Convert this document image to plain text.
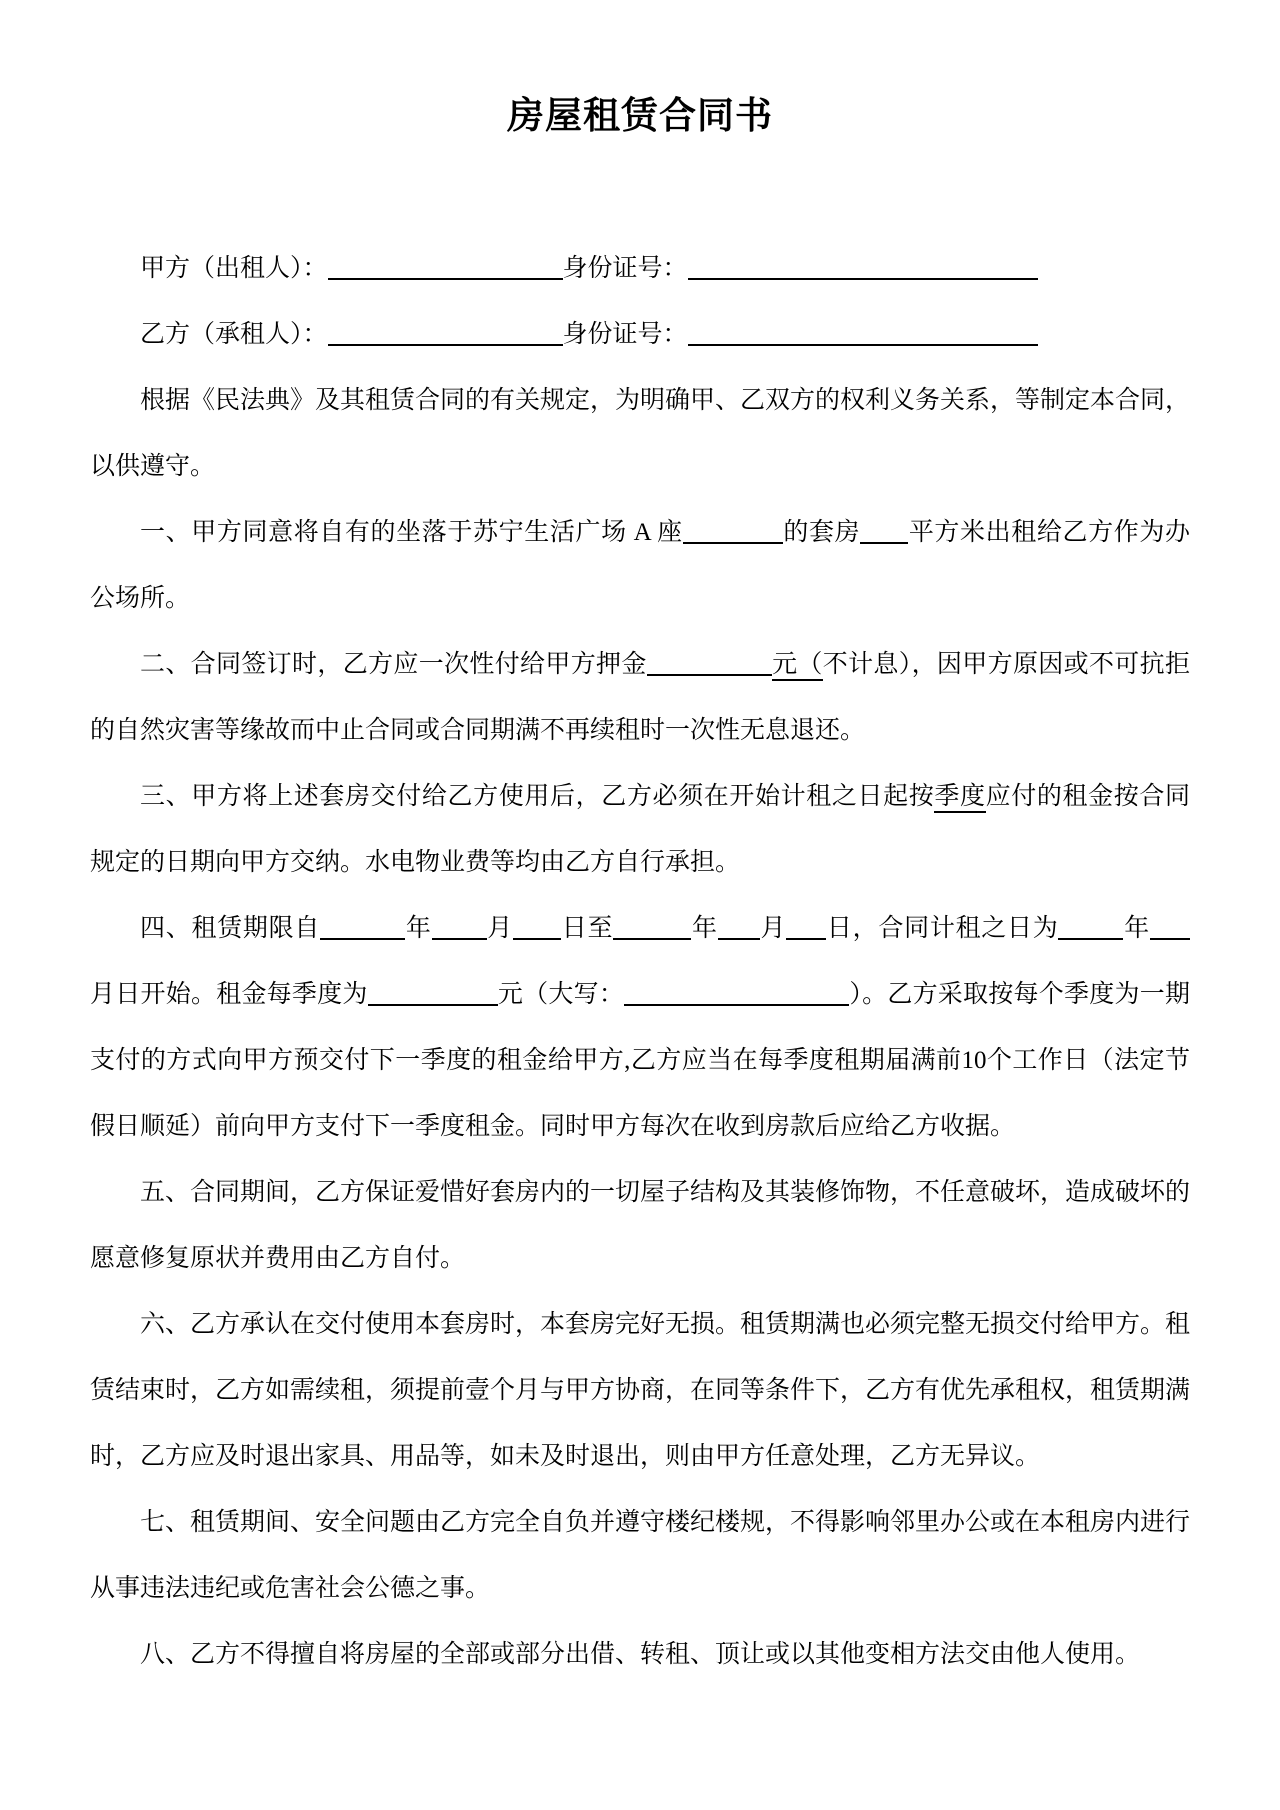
房屋租赁合同书

甲方（出租人）：	身份证号：

乙方（承租人）：	身份证号：

根据《民法典》及其租赁合同的有关规定，为明确甲、乙双方的权利义务关系，等制定本合同，以供遵守。

一、甲方同意将自有的坐落于苏宁生活广场 A 座	的套房 平方米出租给乙方作为办公场所。

二、合同签订时，乙方应一次性付给甲方押金	元（不计息），因甲方原因或不可抗拒的自然灾害等缘故而中止合同或合同期满不再续租时一次性无息退还。

三、甲方将上述套房交付给乙方使用后，乙方必须在开始计租之日起按季度应付的租金按合同规定的日期向甲方交纳。水电物业费等均由乙方自行承担。

四、租赁期限自	年 月 日至	年 月 日，合同计租之日为	年月日开始。租金每季度为	元（大写：	）。乙方采取按每个季度为一期支付的方式向甲方预交付下一季度的租金给甲方,乙方应当在每季度租期届满前10个工作日（法定节假日顺延）前向甲方支付下一季度租金。同时甲方每次在收到房款后应给乙方收据。

五、合同期间，乙方保证爱惜好套房内的一切屋子结构及其装修饰物，不任意破坏，造成破坏的愿意修复原状并费用由乙方自付。

六、乙方承认在交付使用本套房时，本套房完好无损。租赁期满也必须完整无损交付给甲方。租赁结束时，乙方如需续租，须提前壹个月与甲方协商，在同等条件下，乙方有优先承租权，租赁期满时，乙方应及时退出家具、用品等，如未及时退出，则由甲方任意处理，乙方无异议。

七、租赁期间、安全问题由乙方完全自负并遵守楼纪楼规，不得影响邻里办公或在本租房内进行从事违法违纪或危害社会公德之事。

八、乙方不得擅自将房屋的全部或部分出借、转租、顶让或以其他变相方法交由他人使用。
